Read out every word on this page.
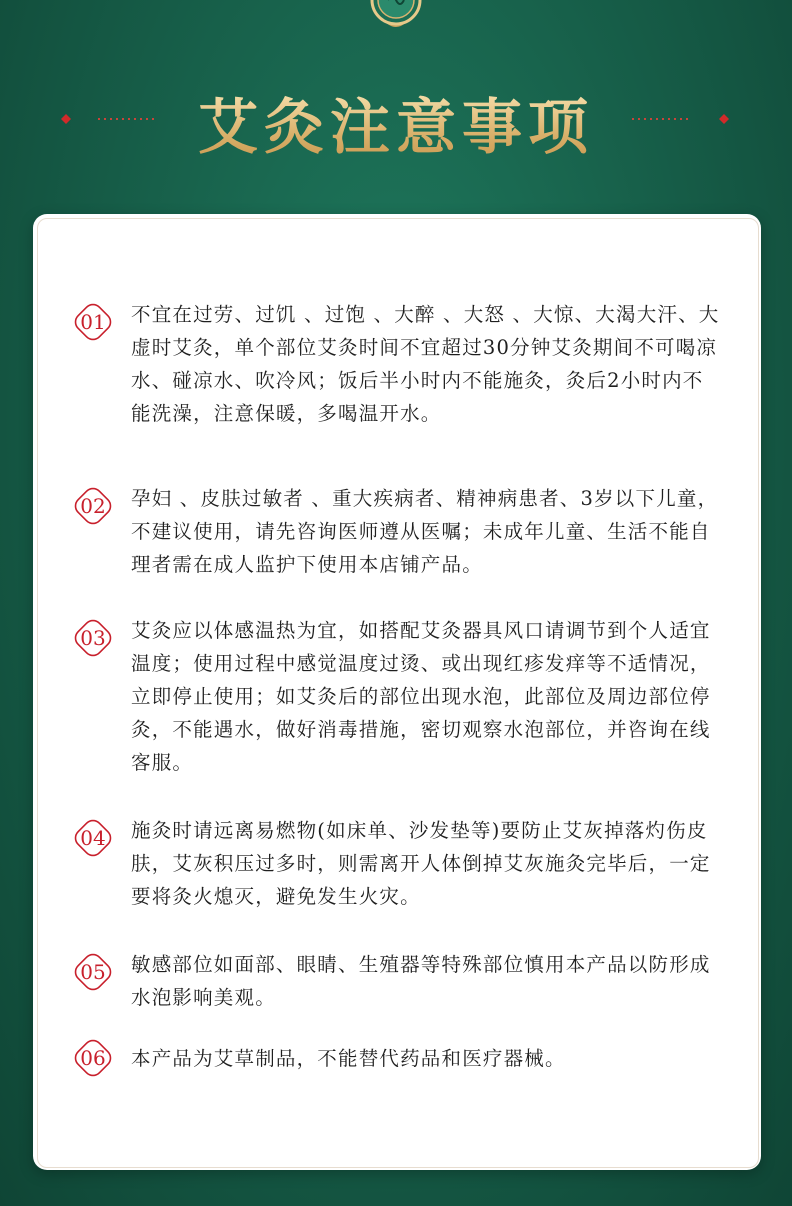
艾灸注意事项
01	不宜在过劳、过饥 、过饱 、大醉 、大怒 、大惊、大渴大汗、大虚时艾灸，单个部位艾灸时间不宜超过30分钟艾灸期间不可喝凉水、碰凉水、吹冷风；饭后半小时内不能施灸，灸后2小时内不能洗澡，注意保暖，多喝温开水。
02	孕妇 、皮肤过敏者 、重大疾病者、精神病患者、3岁以下儿童，不建议使用，请先咨询医师遵从医嘱；未成年儿童、生活不能自理者需在成人监护下使用本店铺产品。
03	艾灸应以体感温热为宜，如搭配艾灸器具风口请调节到个人适宜温度；使用过程中感觉温度过烫、或出现红疹发痒等不适情况，立即停止使用；如艾灸后的部位出现水泡，此部位及周边部位停灸，不能遇水，做好消毒措施，密切观察水泡部位，并咨询在线客服。
04	施灸时请远离易燃物(如床单、沙发垫等)要防止艾灰掉落灼伤皮肤，艾灰积压过多时，则需离开人体倒掉艾灰施灸完毕后，一定要将灸火熄灭，避免发生火灾。
05	敏感部位如面部、眼睛、生殖器等特殊部位慎用本产品以防形成水泡影响美观。
06	本产品为艾草制品，不能替代药品和医疗器械。
